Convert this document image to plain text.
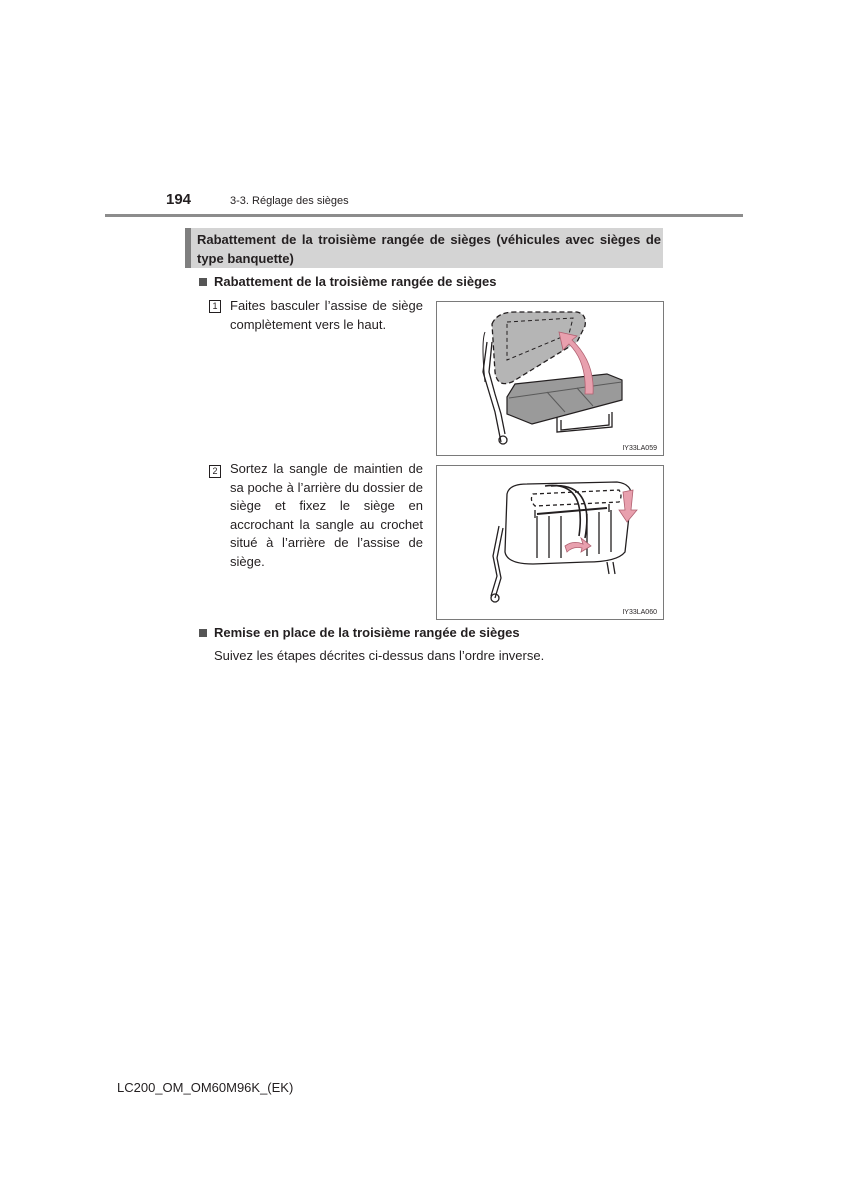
194	3-3. Réglage des sièges
Rabattement de la troisième rangée de sièges (véhicules avec sièges de type banquette)
Rabattement de la troisième rangée de sièges
1 Faites basculer l’assise de siège complètement vers le haut.
IY33LA059
2 Sortez la sangle de maintien de sa poche à l’arrière du dossier de siège et fixez le siège en accrochant la sangle au crochet situé à l’arrière de l’assise de siège.
IY33LA060
Remise en place de la troisième rangée de sièges
Suivez les étapes décrites ci-dessus dans l’ordre inverse.
LC200_OM_OM60M96K_(EK)
